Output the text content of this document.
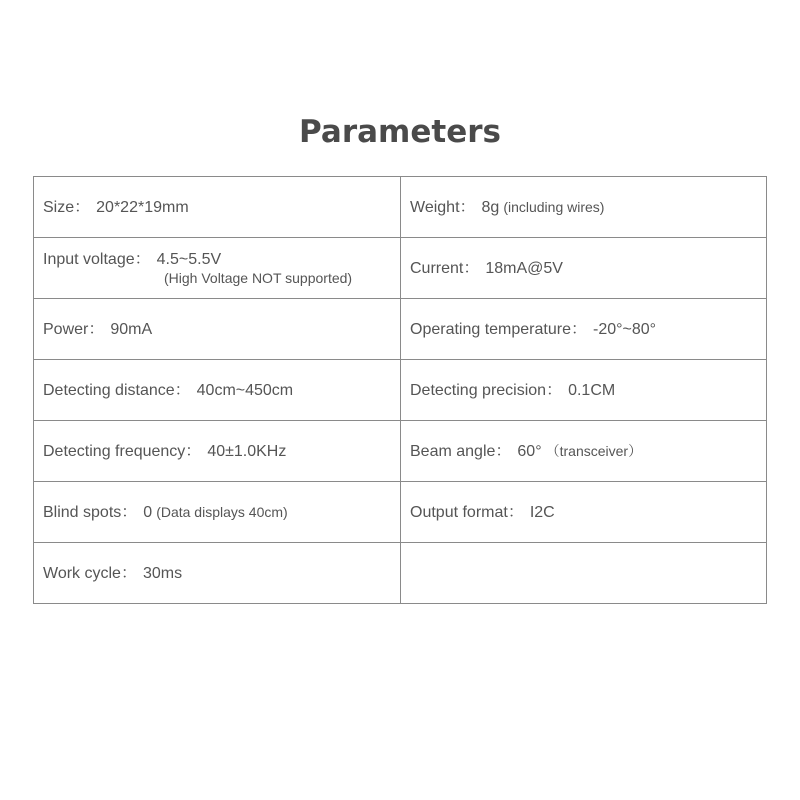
Parameters
Size： 20*22*19mm	Weight： 8g (including wires)

Input voltage： 4.5~5.5V
(High Voltage NOT supported)	Current： 18mA@5V
Power： 90mA	Operating temperature： -20°~80°
Detecting distance： 40cm~450cm	Detecting precision： 0.1CM
Detecting frequency： 40±1.0KHz	Beam angle： 60° （transceiver）
Blind spots： 0 (Data displays 40cm)	Output format： I2C
Work cycle： 30ms	
